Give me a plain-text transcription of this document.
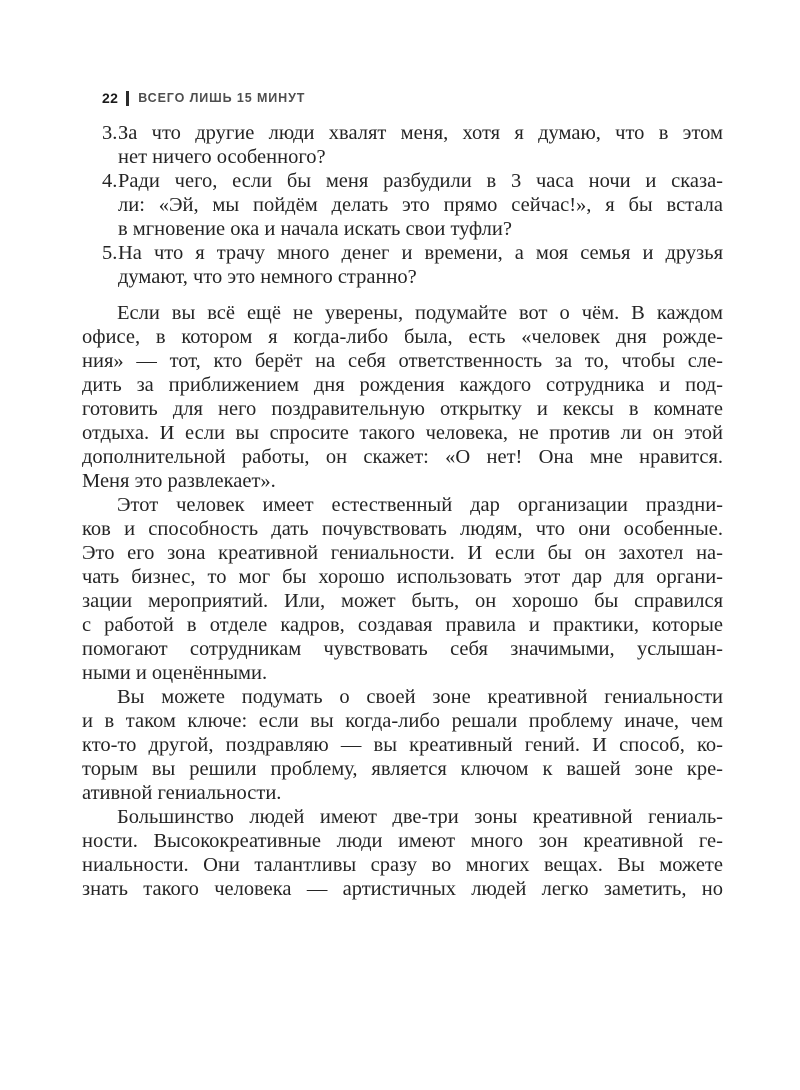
22 ВСЕГО ЛИШЬ 15 МИНУТ
3. За что другие люди хвалят меня, хотя я думаю, что в этом
нет ничего особенного?
4. Ради чего, если бы меня разбудили в 3 часа ночи и сказа-
ли: «Эй, мы пойдём делать это прямо сейчас!», я бы встала
в мгновение ока и начала искать свои туфли?
5. На что я трачу много денег и времени, а моя семья и друзья
думают, что это немного странно?
Если вы всё ещё не уверены, подумайте вот о чём. В каждом
офисе, в котором я когда-либо была, есть «человек дня рожде-
ния» — тот, кто берёт на себя ответственность за то, чтобы сле-
дить за приближением дня рождения каждого сотрудника и под-
готовить для него поздравительную открытку и кексы в комнате
отдыха. И если вы спросите такого человека, не против ли он этой
дополнительной работы, он скажет: «О нет! Она мне нравится.
Меня это развлекает».
Этот человек имеет естественный дар организации праздни-
ков и способность дать почувствовать людям, что они особенные.
Это его зона креативной гениальности. И если бы он захотел на-
чать бизнес, то мог бы хорошо использовать этот дар для органи-
зации мероприятий. Или, может быть, он хорошо бы справился
с работой в отделе кадров, создавая правила и практики, которые
помогают сотрудникам чувствовать себя значимыми, услышан-
ными и оценёнными.
Вы можете подумать о своей зоне креативной гениальности
и в таком ключе: если вы когда-либо решали проблему иначе, чем
кто-то другой, поздравляю — вы креативный гений. И способ, ко-
торым вы решили проблему, является ключом к вашей зоне кре-
ативной гениальности.
Большинство людей имеют две-три зоны креативной гениаль-
ности. Высококреативные люди имеют много зон креативной ге-
ниальности. Они талантливы сразу во многих вещах. Вы можете
знать такого человека — артистичных людей легко заметить, но
